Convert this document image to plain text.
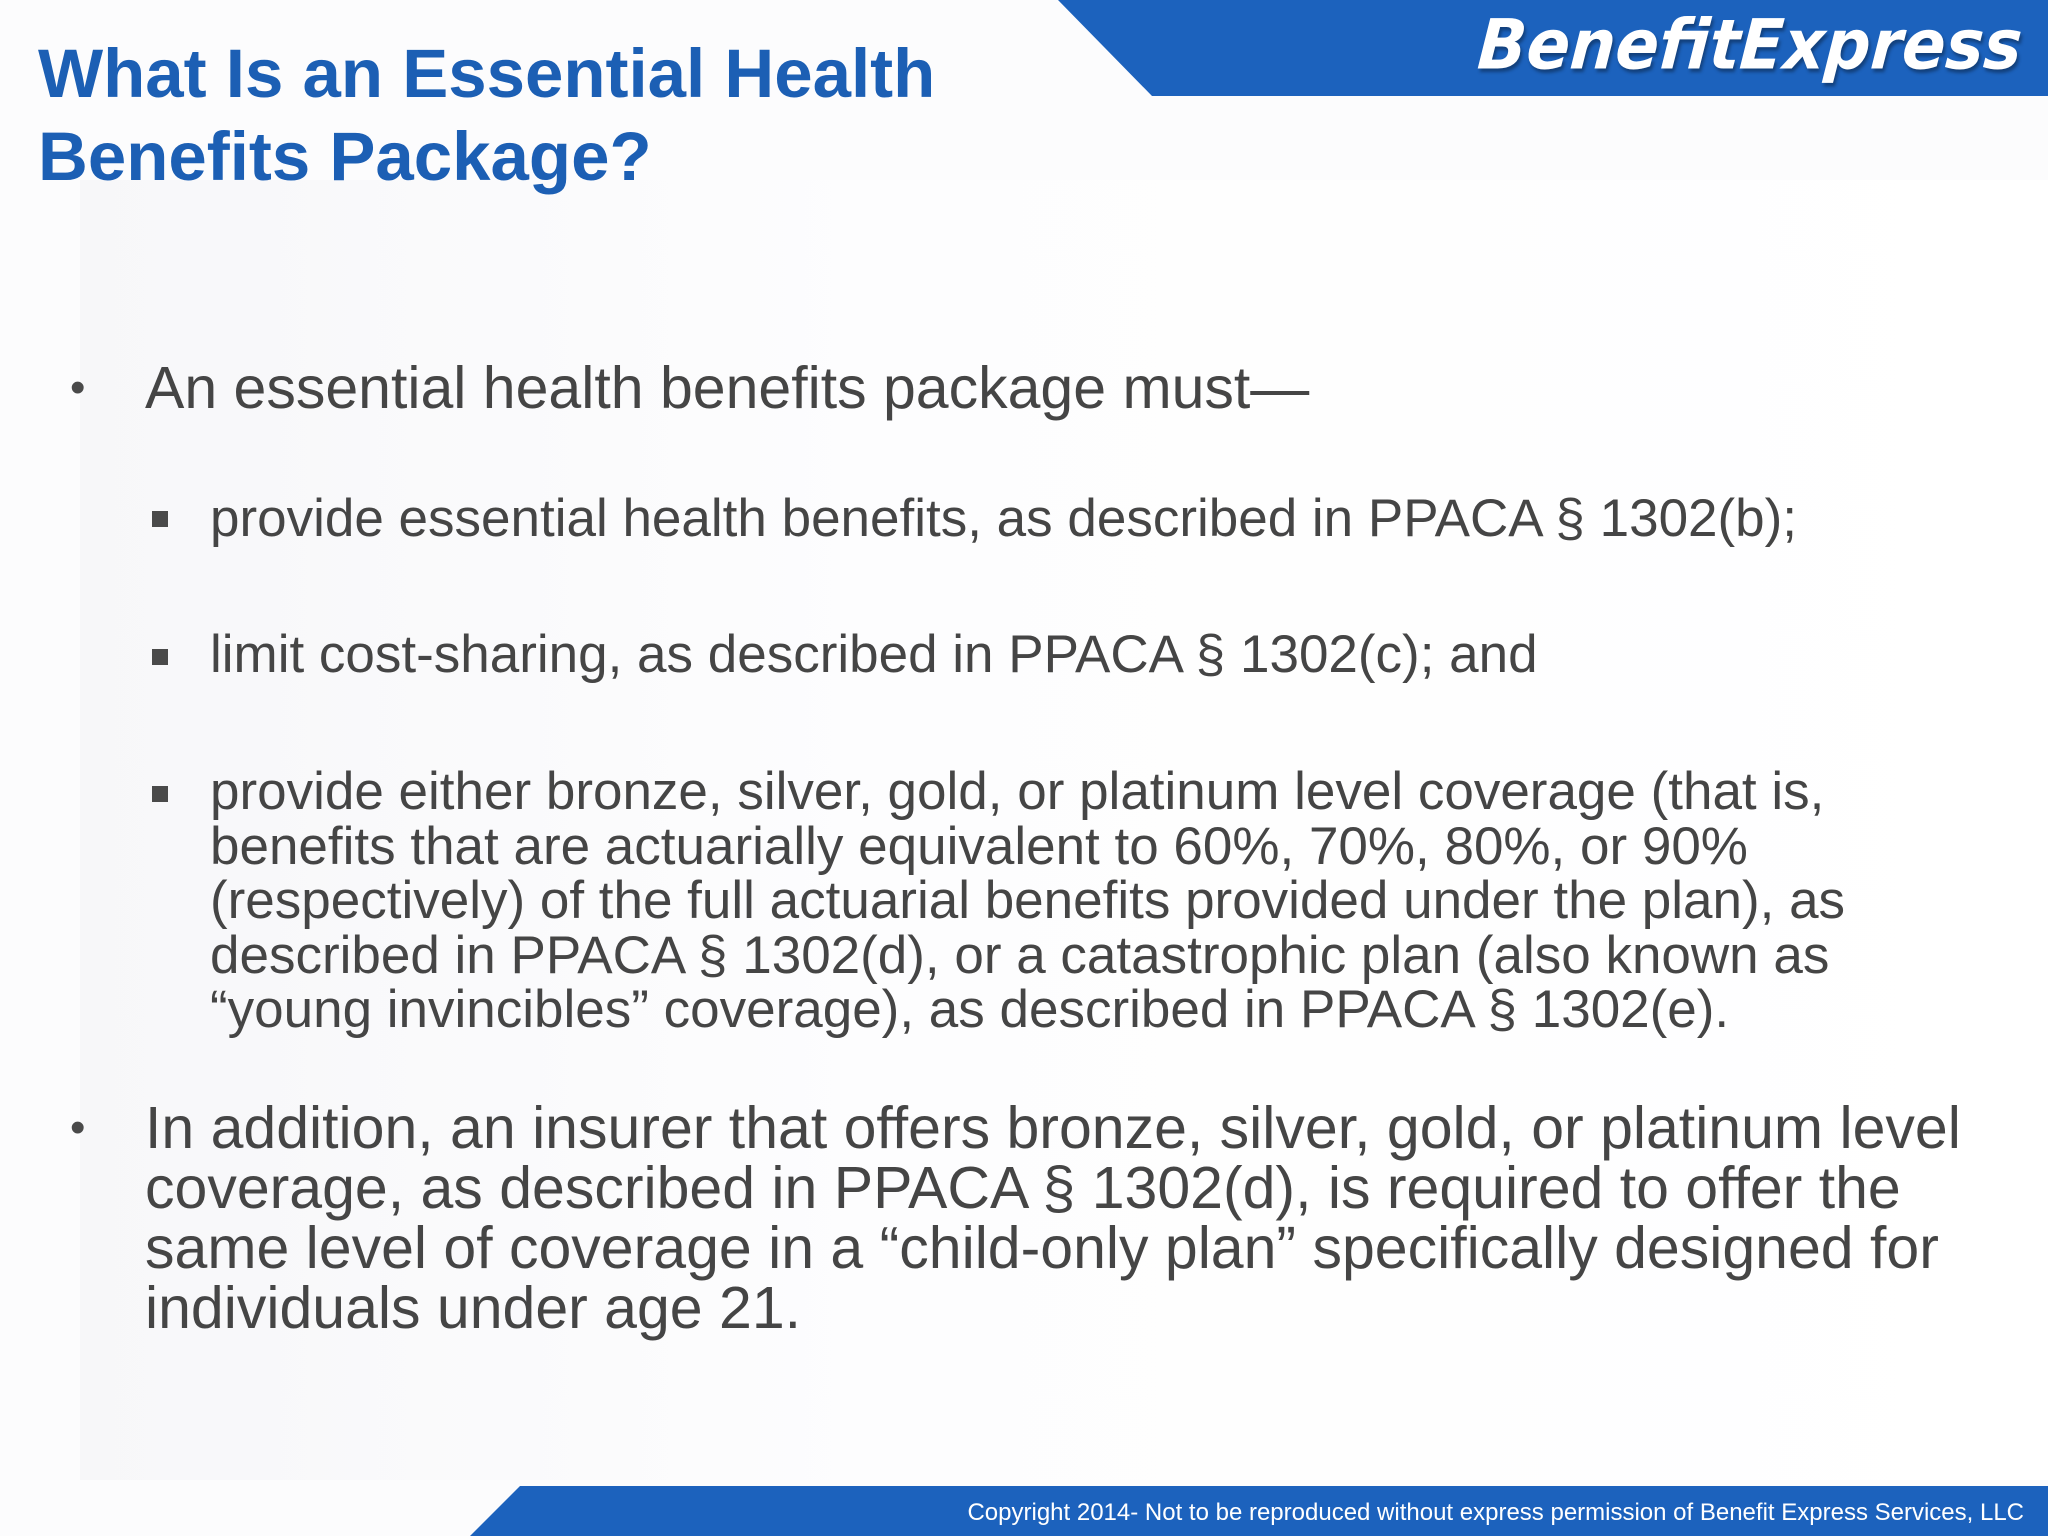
Benefit
Express
What Is an Essential Health
Benefits Package?
• An essential health benefits package must—
provide essential health benefits, as described in PPACA § 1302(b);
limit cost-sharing, as described in PPACA § 1302(c); and
provide either bronze, silver, gold, or platinum level coverage (that is, benefits that are actuarially equivalent to 60%, 70%, 80%, or 90% (respectively) of the full actuarial benefits provided under the plan), as described in PPACA § 1302(d), or a catastrophic plan (also known as “young invincibles” coverage), as described in PPACA § 1302(e).
• In addition, an insurer that offers bronze, silver, gold, or platinum level coverage, as described in PPACA § 1302(d), is required to offer the same level of coverage in a “child-only plan” specifically designed for individuals under age 21.
Copyright 2014- Not to be reproduced without express permission of Benefit Express Services, LLC
